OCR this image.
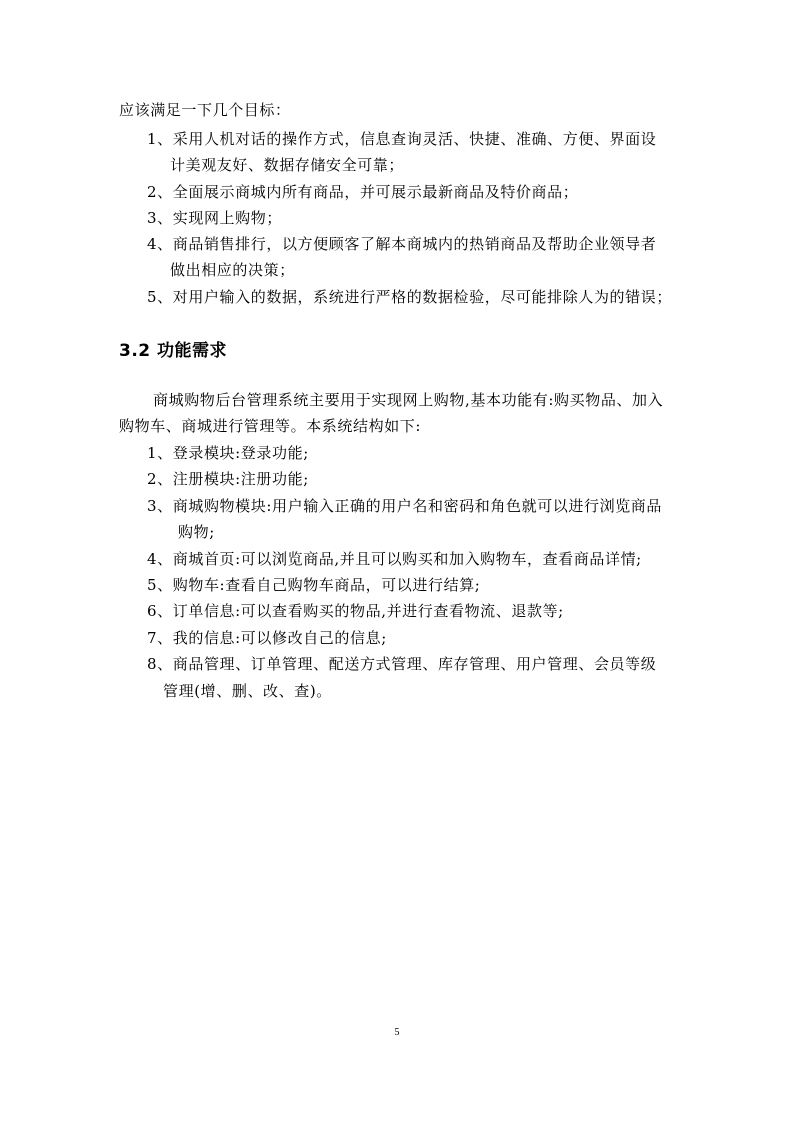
应该满足一下几个目标：
1、采用人机对话的操作方式，信息查询灵活、快捷、准确、方便、界面设
计美观友好、数据存储安全可靠；
2、全面展示商城内所有商品，并可展示最新商品及特价商品；
3、实现网上购物；
4、商品销售排行，以方便顾客了解本商城内的热销商品及帮助企业领导者
做出相应的决策；
5、对用户输入的数据，系统进行严格的数据检验，尽可能排除人为的错误；
3.2 功能需求
商城购物后台管理系统主要用于实现网上购物,基本功能有:购买物品、加入
购物车、商城进行管理等。本系统结构如下:
1、登录模块:登录功能;
2、注册模块:注册功能;
3、商城购物模块:用户输入正确的用户名和密码和角色就可以进行浏览商品
购物;
4、商城首页:可以浏览商品,并且可以购买和加入购物车，查看商品详情;
5、购物车:查看自己购物车商品，可以进行结算;
6、订单信息:可以查看购买的物品,并进行查看物流、退款等;
7、我的信息:可以修改自己的信息;
8、商品管理、订单管理、配送方式管理、库存管理、用户管理、会员等级
管理(增、删、改、查)。
5
